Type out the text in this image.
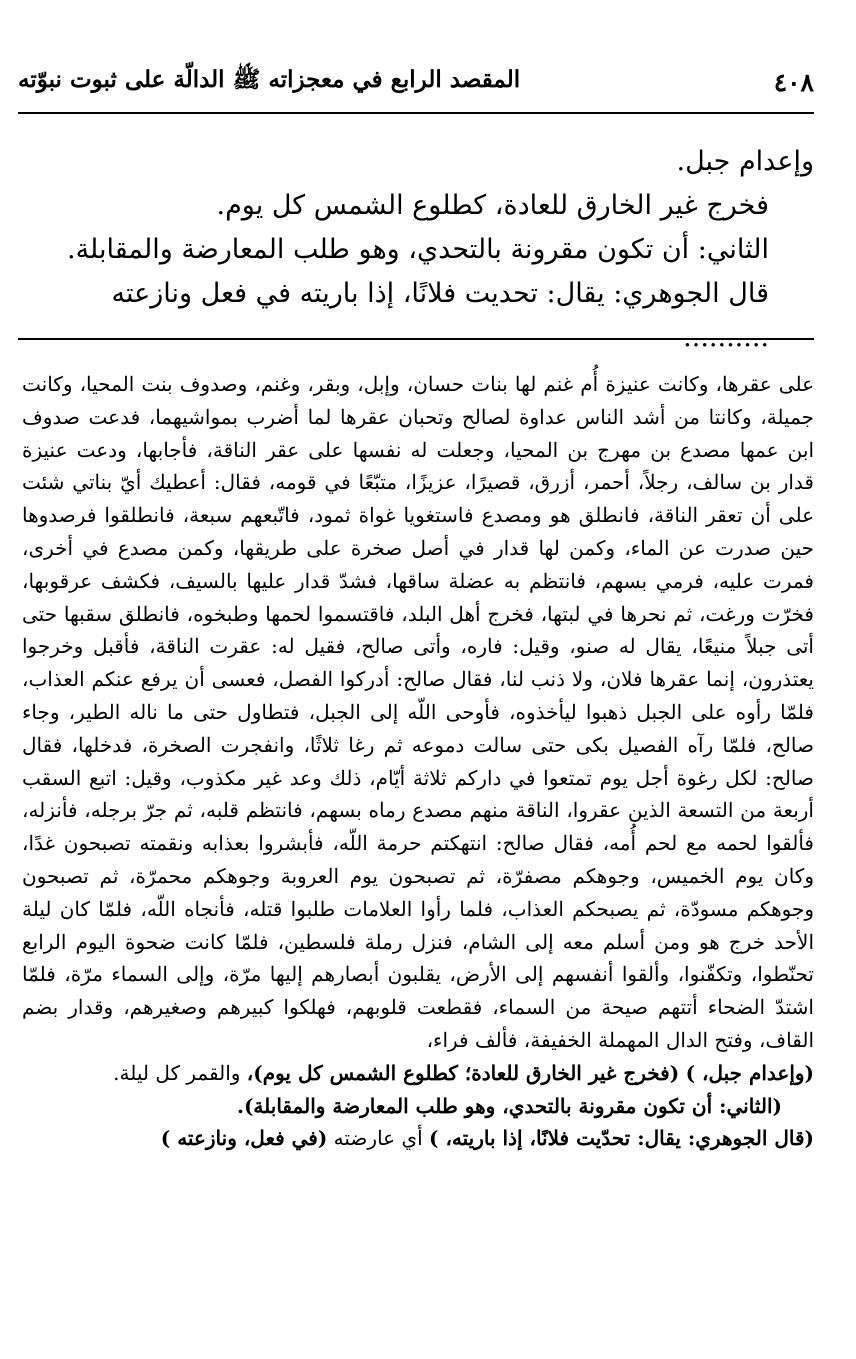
٤٠٨
المقصد الرابع في معجزاته ﷺ الدالّة على ثبوت نبوّته

وإعدام جبل.

فخرج غير الخارق للعادة، كطلوع الشمس كل يوم.

الثاني: أن تكون مقرونة بالتحدي، وهو طلب المعارضة والمقابلة.

قال الجوهري: يقال: تحديت فلانًا، إذا باريته في فعل ونازعته ..........

على عقرها، وكانت عنيزة أُم غنم لها بنات حسان، وإبل، وبقر، وغنم، وصدوف بنت المحيا، وكانت جميلة، وكانتا من أشد الناس عداوة لصالح وتحبان عقرها لما أضرب بمواشيهما، فدعت صدوف ابن عمها مصدع بن مهرج بن المحيا، وجعلت له نفسها على عقر الناقة، فأجابها، ودعت عنيزة قدار بن سالف، رجلاً، أحمر، أزرق، قصيرًا، عزيزًا، متبّعًا في قومه، فقال: أعطيك أيّ بناتي شئت على أن تعقر الناقة، فانطلق هو ومصدع فاستغويا غواة ثمود، فاتّبعهم سبعة، فانطلقوا فرصدوها حين صدرت عن الماء، وكمن لها قدار في أصل صخرة على طريقها، وكمن مصدع في أخرى، فمرت عليه، فرمي بسهم، فانتظم به عضلة ساقها، فشدّ قدار عليها بالسيف، فكشف عرقوبها، فخرّت ورغت، ثم نحرها في لبتها، فخرج أهل البلد، فاقتسموا لحمها وطبخوه، فانطلق سقبها حتى أتى جبلاً منيعًا، يقال له صنو، وقيل: فاره، وأتى صالح، فقيل له: عقرت الناقة، فأقبل وخرجوا يعتذرون، إنما عقرها فلان، ولا ذنب لنا، فقال صالح: أدركوا الفصل، فعسى أن يرفع عنكم العذاب، فلمّا رأوه على الجبل ذهبوا ليأخذوه، فأوحى اللّه إلى الجبل، فتطاول حتى ما ناله الطير، وجاء صالح، فلمّا رآه الفصيل بكى حتى سالت دموعه ثم رغا ثلاثًا، وانفجرت الصخرة، فدخلها، فقال صالح: لكل رغوة أجل يوم تمتعوا في داركم ثلاثة أيّام، ذلك وعد غير مكذوب، وقيل: اتبع السقب أربعة من التسعة الذين عقروا، الناقة منهم مصدع رماه بسهم، فانتظم قلبه، ثم جرّ برجله، فأنزله، فألقوا لحمه مع لحم أُمه، فقال صالح: انتهكتم حرمة اللّه، فأبشروا بعذابه ونقمته تصبحون غدًا، وكان يوم الخميس، وجوهكم مصفرّة، ثم تصبحون يوم العروبة وجوهكم محمرّة، ثم تصبحون وجوهكم مسودّة، ثم يصبحكم العذاب، فلما رأوا العلامات طلبوا قتله، فأنجاه اللّه، فلمّا كان ليلة الأحد خرج هو ومن أسلم معه إلى الشام، فنزل رملة فلسطين، فلمّا كانت ضحوة اليوم الرابع تحنّطوا، وتكفّنوا، وألقوا أنفسهم إلى الأرض، يقلبون أبصارهم إليها مرّة، وإلى السماء مرّة، فلمّا اشتدّ الضحاء أتتهم صيحة من السماء، فقطعت قلوبهم، فهلكوا كبيرهم وصغيرهم، وقدار بضم القاف، وفتح الدال المهملة الخفيفة، فألف فراء،

(وإعدام جبل، ) (فخرج غير الخارق للعادة؛ كطلوع الشمس كل يوم)، والقمر كل ليلة.

(الثاني: أن تكون مقرونة بالتحدي، وهو طلب المعارضة والمقابلة).

(قال الجوهري: يقال: تحدّيت فلانًا، إذا باريته، ) أي عارضته (في فعل، ونازعته )
